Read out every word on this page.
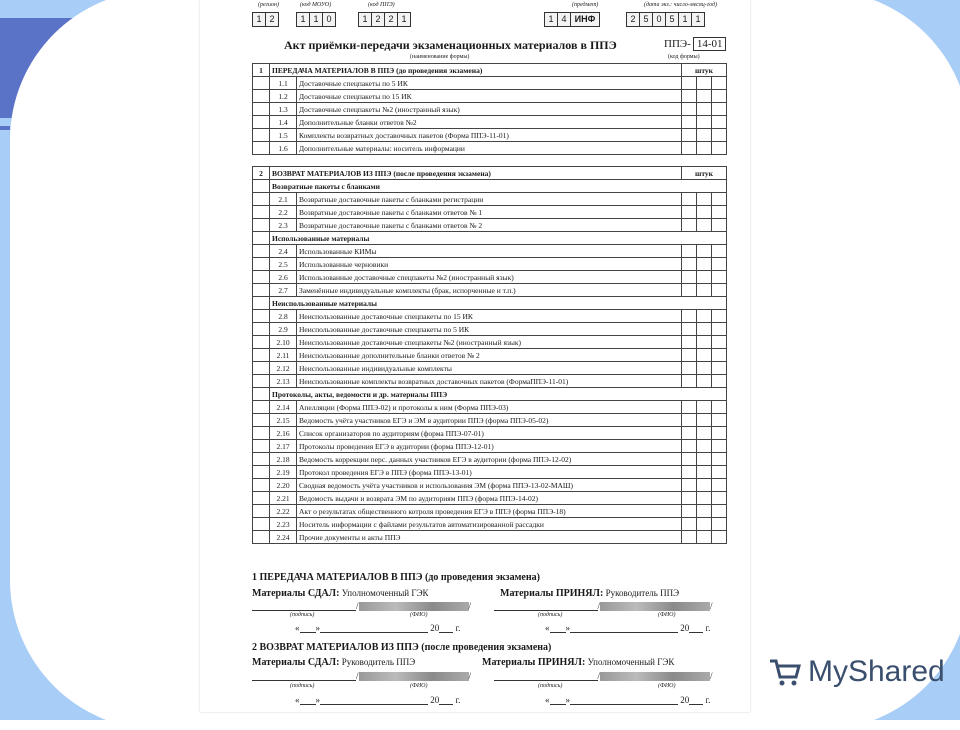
(регион)	(код МОУО)	(код ППЭ)	(предмет)	(дата экз.: число-месяц-год)
1 2	1 1 0	1 2 2 1	1 4 ИНФ	2 5 0 5 1 1
Акт приёмки-передачи экзаменационных материалов в ППЭ	ППЭ- 14-01
(наименование формы)	(код формы)
1	ПЕРЕДАЧА МАТЕРИАЛОВ В ППЭ (до проведения экзамена)		штук		
	1.1	Доставочные спецпакеты по 5 ИК			
	1.2	Доставочные спецпакеты по 15 ИК			
	1.3	Доставочные спецпакеты №2 (иностранный язык)			
	1.4	Дополнительные бланки ответов №2			
	1.5	Комплекты возвратных доставочных пакетов (Форма ППЭ-11-01)			
	1.6	Дополнительные материалы: носитель информации			
2	ВОЗВРАТ МАТЕРИАЛОВ ИЗ ППЭ (после проведения экзамена)		штук		
	Возвратные пакеты с бланками				
	2.1	Возвратные доставочные пакеты с бланками регистрации			
	2.2	Возвратные доставочные пакеты с бланками ответов № 1			
	2.3	Возвратные доставочные пакеты с бланками ответов № 2			
	Использованные материалы				
	2.4	Использованные КИМы			
	2.5	Использованные черновики			
	2.6	Использованные доставочные спецпакеты №2 (иностранный язык)			
	2.7	Заменённые индивидуальные комплекты (брак, испорченные и т.п.)			
	Неиспользованные материалы				
	2.8	Неиспользованные доставочные спецпакеты по 15 ИК			
	2.9	Неиспользованные доставочные спецпакеты по 5 ИК			
	2.10	Неиспользованные доставочные спецпакеты №2 (иностранный язык)			
	2.11	Неиспользованные дополнительные бланки ответов № 2			
	2.12	Неиспользованные индивидуальные комплекты			
	2.13	Неиспользованные комплекты возвратных доставочных пакетов (ФормаППЭ-11-01)			
	Протоколы, акты, ведомости и др. материалы ППЭ				
	2.14	Апелляции (Форма ППЭ-02) и протоколы к ним (Форма ППЭ-03)			
	2.15	Ведомость учёта участников ЕГЭ и ЭМ в аудитории ППЭ (форма ППЭ-05-02)			
	2.16	Список организаторов по аудиториям (форма ППЭ-07-01)			
	2.17	Протоколы проведения ЕГЭ в аудитории (форма ППЭ-12-01)			
	2.18	Ведомость коррекции перс. данных участников ЕГЭ в аудитории (форма ППЭ-12-02)			
	2.19	Протокол проведения ЕГЭ в ППЭ (форма ППЭ-13-01)			
	2.20	Сводная ведомость учёта участников и использования ЭМ (форма ППЭ-13-02-МАШ)			
	2.21	Ведомость выдачи и возврата ЭМ по аудиториям ППЭ (форма ППЭ-14-02)			
	2.22	Акт о результатах общественного котроля проведения ЕГЭ в ППЭ (форма ППЭ-18)			
	2.23	Носитель информации с файлами результатов автоматизированной рассадки			
	2.24	Прочие документы и акты ППЭ			
1 ПЕРЕДАЧА МАТЕРИАЛОВ В ППЭ (до проведения экзамена)
Материалы СДАЛ: Уполномоченный ГЭК	Материалы ПРИНЯЛ: Руководитель ППЭ
/	/	/	/
(подпись)	(ФИО)	(подпись)	(ФИО)
« »	20 г.	« »	20 г.
2 ВОЗВРАТ МАТЕРИАЛОВ ИЗ ППЭ (после проведения экзамена)
Материалы СДАЛ: Руководитель ППЭ	Материалы ПРИНЯЛ: Уполномоченный ГЭК
/	/	/	/
(подпись)	(ФИО)	(подпись)	(ФИО)
« »	20 г.	« »	20 г.
MyShared
